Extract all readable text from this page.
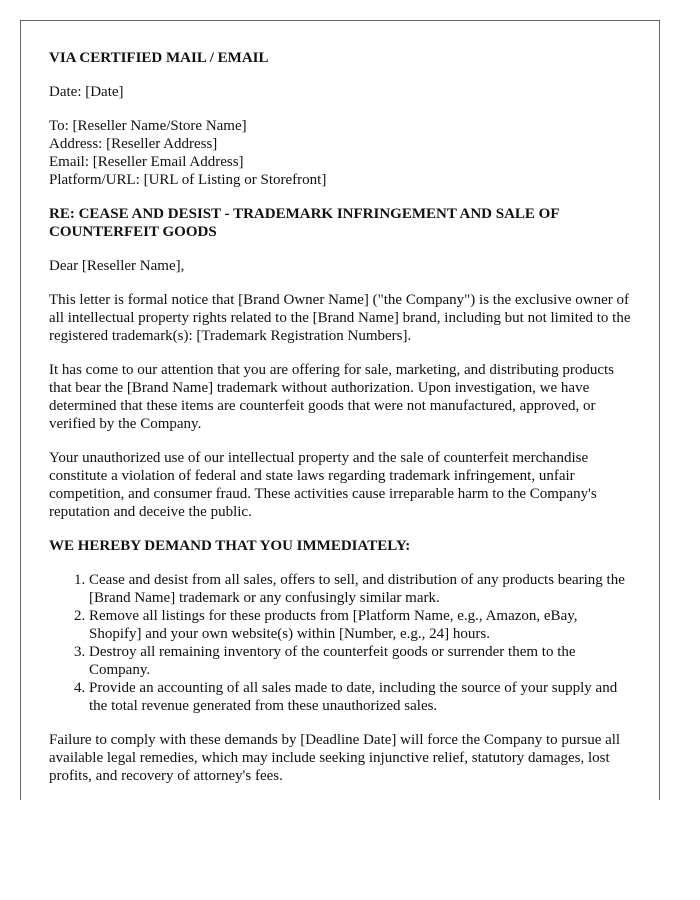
VIA CERTIFIED MAIL / EMAIL

Date: [Date]

To: [Reseller Name/Store Name]
Address: [Reseller Address]
Email: [Reseller Email Address]
Platform/URL: [URL of Listing or Storefront]

RE: CEASE AND DESIST - TRADEMARK INFRINGEMENT AND SALE OF COUNTERFEIT GOODS

Dear [Reseller Name],

This letter is formal notice that [Brand Owner Name] ("the Company") is the exclusive owner of all intellectual property rights related to the [Brand Name] brand, including but not limited to the registered trademark(s): [Trademark Registration Numbers].

It has come to our attention that you are offering for sale, marketing, and distributing products that bear the [Brand Name] trademark without authorization. Upon investigation, we have determined that these items are counterfeit goods that were not manufactured, approved, or verified by the Company.

Your unauthorized use of our intellectual property and the sale of counterfeit merchandise constitute a violation of federal and state laws regarding trademark infringement, unfair competition, and consumer fraud. These activities cause irreparable harm to the Company's reputation and deceive the public.

WE HEREBY DEMAND THAT YOU IMMEDIATELY:

1. Cease and desist from all sales, offers to sell, and distribution of any products bearing the [Brand Name] trademark or any confusingly similar mark.
2. Remove all listings for these products from [Platform Name, e.g., Amazon, eBay, Shopify] and your own website(s) within [Number, e.g., 24] hours.
3. Destroy all remaining inventory of the counterfeit goods or surrender them to the Company.
4. Provide an accounting of all sales made to date, including the source of your supply and the total revenue generated from these unauthorized sales.

Failure to comply with these demands by [Deadline Date] will force the Company to pursue all available legal remedies, which may include seeking injunctive relief, statutory damages, lost profits, and recovery of attorney's fees.
